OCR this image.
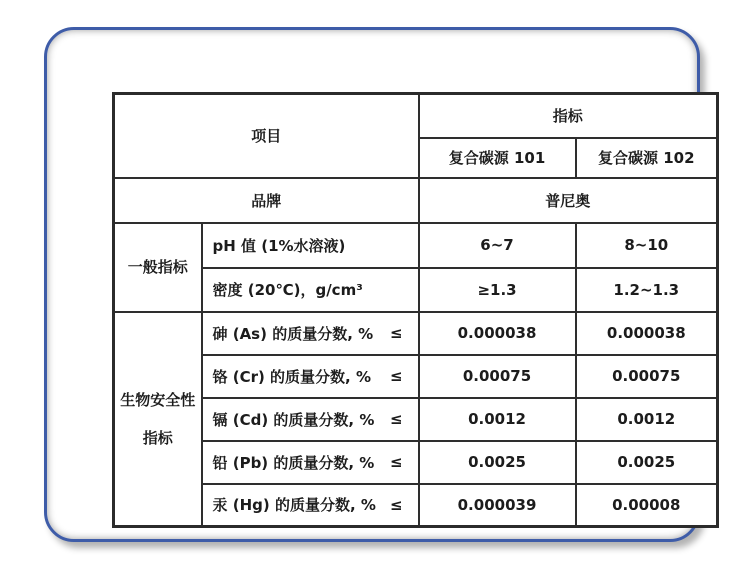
项目		指标	
		复合碳源 101	复合碳源 102
品牌		普尼奥	
一般指标	pH 值 (1%水溶液)	6~7	8~10

	密度 (20℃)，g/cm³	≥1.3	1.2~1.3
生物安全性指标	砷 (As) 的质量分数, % ≤	0.000038	0.000038

	铬 (Cr) 的质量分数, % ≤	0.00075	0.00075

	镉 (Cd) 的质量分数, % ≤	0.0012	0.0012

	铅 (Pb) 的质量分数, % ≤	0.0025	0.0025

	汞 (Hg) 的质量分数, % ≤	0.000039	0.00008
